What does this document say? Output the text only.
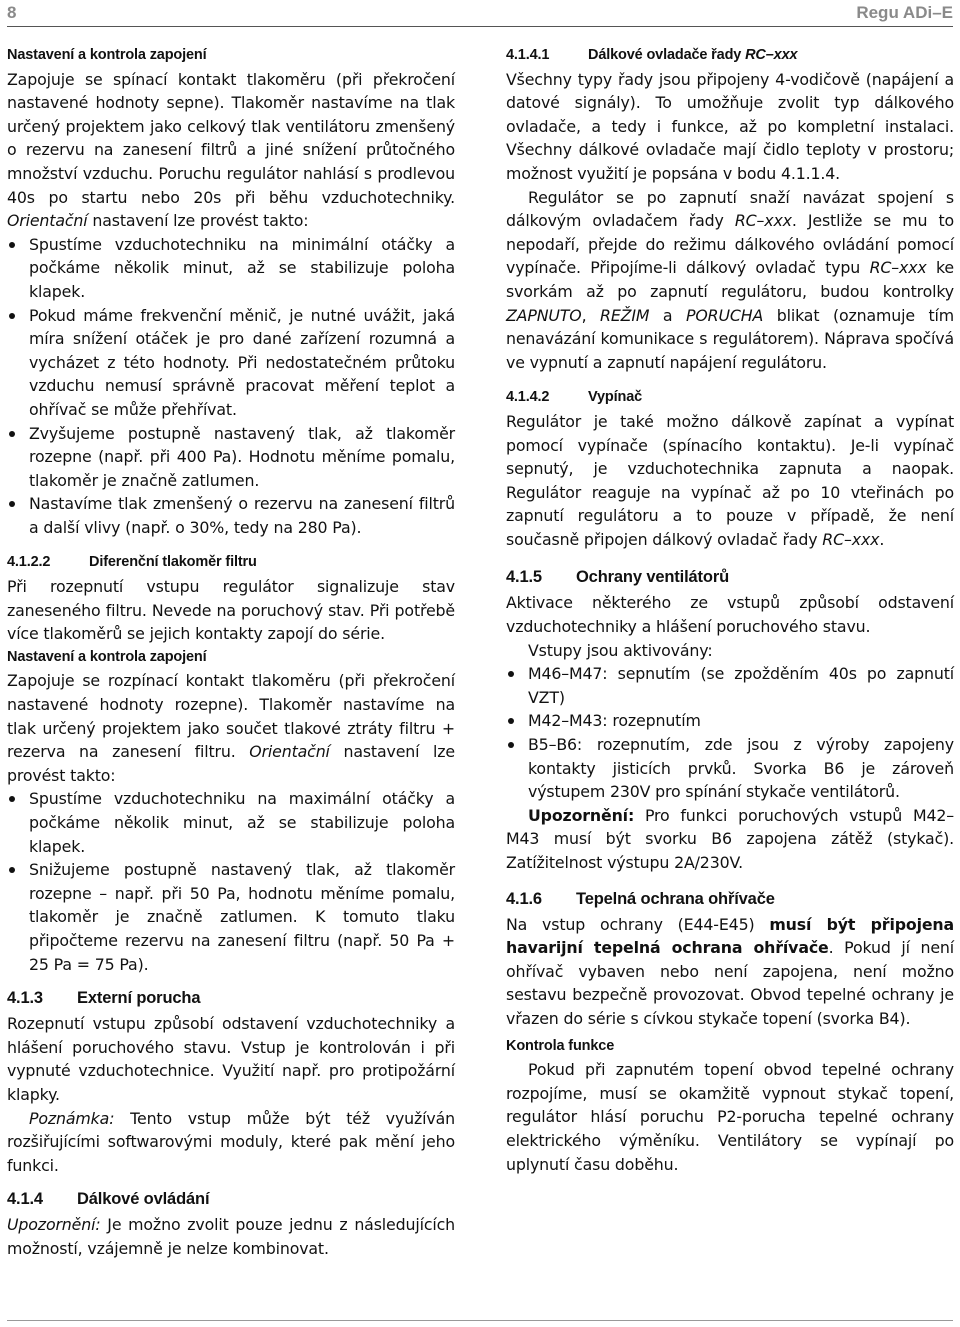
8	Regu ADi–E
Nastavení a kontrola zapojení

Zapojuje se spínací kontakt tlakoměru (při překročení nastavené hodnoty sepne). Tlakoměr nastavíme na tlak určený projektem jako celkový tlak ventilátoru zmenšený o rezervu na zanesení filtrů a jiné snížení průtočného množství vzduchu. Poruchu regulátor nahlásí s prodlevou 40s po startu nebo 20s při běhu vzduchotechniky. Orientační nastavení lze provést takto:

Spustíme vzduchotechniku na minimální otáčky a počkáme několik minut, až se stabilizuje poloha klapek.
Pokud máme frekvenční měnič, je nutné uvážit, jaká míra snížení otáček je pro dané zařízení rozumná a vycházet z této hodnoty. Při nedostatečném průtoku vzduchu nemusí správně pracovat měření teplot a ohřívač se může přehřívat.
Zvyšujeme postupně nastavený tlak, až tlakoměr rozepne (např. při 400 Pa). Hodnotu měníme pomalu, tlakoměr je značně zatlumen.
Nastavíme tlak zmenšený o rezervu na zanesení filtrů a další vlivy (např. o 30%, tedy na 280 Pa).
4.1.2.2	Diferenční tlakoměr filtru

Při rozepnutí vstupu regulátor signalizuje stav zaneseného filtru. Nevede na poruchový stav. Při potřebě více tlakoměrů se jejich kontakty zapojí do série.

Nastavení a kontrola zapojení

Zapojuje se rozpínací kontakt tlakoměru (při překročení nastavené hodnoty rozepne). Tlakoměr nastavíme na tlak určený projektem jako součet tlakové ztráty filtru + rezerva na zanesení filtru. Orientační nastavení lze provést takto:

Spustíme vzduchotechniku na maximální otáčky a počkáme několik minut, až se stabilizuje poloha klapek.
Snižujeme postupně nastavený tlak, až tlakoměr rozepne – např. při 50 Pa, hodnotu měníme pomalu, tlakoměr je značně zatlumen. K tomuto tlaku připočteme rezervu na zanesení filtru (např. 50 Pa + 25 Pa = 75 Pa).
4.1.3	Externí porucha

Rozepnutí vstupu způsobí odstavení vzduchotechniky a hlášení poruchového stavu. Vstup je kontrolován i při vypnuté vzduchotechnice. Využití např. pro protipožární klapky.

Poznámka: Tento vstup může být též využíván rozšiřujícími softwarovými moduly, které pak mění jeho funkci.

4.1.4	Dálkové ovládání

Upozornění: Je možno zvolit pouze jednu z následujících možností, vzájemně je nelze kombinovat.

4.1.4.1	Dálkové ovladače řady RC–xxx

Všechny typy řady jsou připojeny 4-vodičově (napájení a datové signály). To umožňuje zvolit typ dálkového ovladače, a tedy i funkce, až po kompletní instalaci. Všechny dálkové ovladače mají čidlo teploty v prostoru; možnost využití je popsána v bodu 4.1.1.4.

Regulátor se po zapnutí snaží navázat spojení s dálkovým ovladačem řady RC–xxx. Jestliže se mu to nepodaří, přejde do režimu dálkového ovládání pomocí vypínače. Připojíme-li dálkový ovladač typu RC–xxx ke svorkám až po zapnutí regulátoru, budou kontrolky ZAPNUTO, REŽIM a PORUCHA blikat (oznamuje tím nenavázání komunikace s regulátorem). Náprava spočívá ve vypnutí a zapnutí napájení regulátoru.

4.1.4.2	Vypínač

Regulátor je také možno dálkově zapínat a vypínat pomocí vypínače (spínacího kontaktu). Je-li vypínač sepnutý, je vzduchotechnika zapnuta a naopak. Regulátor reaguje na vypínač až po 10 vteřinách po zapnutí regulátoru a to pouze v případě, že není současně připojen dálkový ovladač řady RC–xxx.

4.1.5	Ochrany ventilátorů

Aktivace některého ze vstupů způsobí odstavení vzduchotechniky a hlášení poruchového stavu.

Vstupy jsou aktivovány:

M46–M47: sepnutím (se zpožděním 40s po zapnutí VZT)
M42–M43: rozepnutím
B5–B6: rozepnutím, zde jsou z výroby zapojeny kontakty jisticích prvků. Svorka B6 je zároveň výstupem 230V pro spínání stykače ventilátorů.

Upozornění: Pro funkci poruchových vstupů M42–M43 musí být svorku B6 zapojena zátěž (stykač). Zatížitelnost výstupu 2A/230V.

4.1.6	Tepelná ochrana ohřívače

Na vstup ochrany (E44-E45) musí být připojena havarijní tepelná ochrana ohřívače. Pokud jí není ohřívač vybaven nebo není zapojena, není možno sestavu bezpečně provozovat. Obvod tepelné ochrany je vřazen do série s cívkou stykače topení (svorka B4).

Kontrola funkce

Pokud při zapnutém topení obvod tepelné ochrany rozpojíme, musí se okamžitě vypnout stykač topení, regulátor hlásí poruchu P2-porucha tepelné ochrany elektrického výměníku. Ventilátory se vypínají po uplynutí času doběhu.
